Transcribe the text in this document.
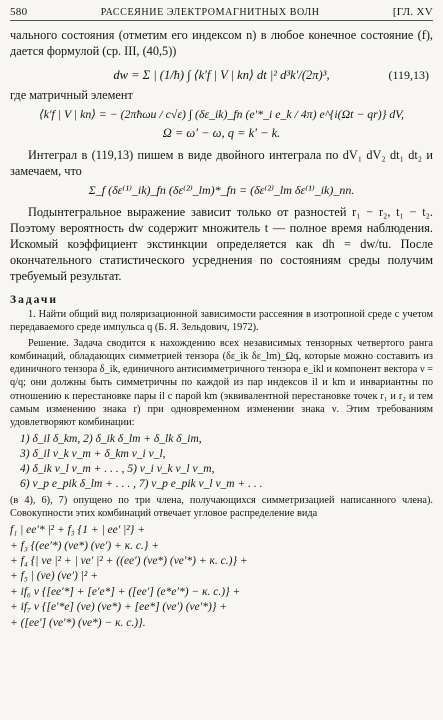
580	РАССЕЯНИЕ ЭЛЕКТРОМАГНИТНЫХ ВОЛН	[ГЛ. XV

чального состояния (отметим его индексом n) в любое конечное состояние (f), дается формулой (ср. III, (40,5))

dw =
Σ | (1/ħ) ∫ ⟨k′f | V | kn⟩ dt |² d³k′/(2π)³,	(119,13)

где матричный элемент

⟨k′f | V | kn⟩ = − (2πħωu / c√ε) ∫ (δε_ik)_fn (e′*_i e_k / 4π) e^{i(Ωt − qr)} dV,
Ω = ω′ − ω, q = k′ − k.

Интеграл в (119,13) пишем в виде двойного интеграла по dV₁ dV₂ dt₁ dt₂ и замечаем, что

Σ_f (δε⁽¹⁾_ik)_fn (δε⁽²⁾_lm)*_fn = (δε⁽²⁾_lm δε⁽¹⁾_ik)_nn.

Подынтегральное выражение зависит только от разностей r₁ − r₂, t₁ − t₂. Поэтому вероятность dw содержит множитель t — полное время наблюдения. Искомый коэффициент экстинкции определяется как dh = dw/tu. После окончательного статистического усреднения по состояниям среды получим требуемый результат.

Задачи

1. Найти общий вид поляризационной зависимости рассеяния в изотропной среде с учетом передаваемого среде импульса q (Б. Я. Зельдович, 1972).

Решение. Задача сводится к нахождению всех независимых тензорных четвертого ранга комбинаций, обладающих симметрией тензора (δε_ik δε_lm)_Ωq, которые можно составить из единичного тензора δ_ik, единичного антисимметричного тензора e_ikl и компонент вектора ν = q/q; они должны быть симметричны по каждой из пар индексов il и km и инвариантны по отношению к перестановке пары il с парой km (эквивалентной перестановке точек r₁ и r₂ и тем самым изменению знака r) при одновременном изменении знака ν. Этим требованиям удовлетворяют комбинации:

1) δ_il δ_km, 2) δ_ik δ_lm + δ_lk δ_im,
3) δ_il ν_k ν_m + δ_km ν_i ν_l,
4) δ_ik ν_l ν_m + . . . , 5) ν_i ν_k ν_l ν_m,
6) ν_p e_pik δ_lm + . . . , 7) ν_p e_pik ν_l ν_m + . . .

(в 4), 6), 7) опущено по три члена, получающихся симметризацией написанного члена). Совокупности этих комбинаций отвечает угловое распределение вида

f₁ | ee′* |² + f₃ {1 + | ee′ |²} +
+ f₃ {(ee′*) (νe*) (νe′) + к. с.} +
+ f₄ {| νe |² + | νe′ |² + ((ee′) (νe*) (νe′*) + к. с.)} +
+ f₅ | (νe) (νe′) |² +
+ if₆ ν {[ee′*] + [e′e*] + ([ee′] (e*e′*) − к. с.)} +
+ if₇ ν {[e′*e] (νe) (νe*) + [ee*] (νe′) (νe′*)} +
+ ([ee′] (νe′*) (νe*) − к. с.)}.
